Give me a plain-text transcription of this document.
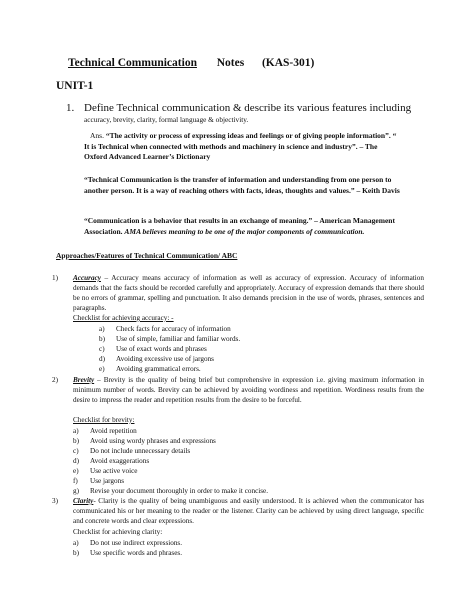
Technical Communication Notes (KAS-301)
UNIT-1
1. Define Technical communication & describe its various features including
accuracy, brevity, clarity, formal language & objectivity.
Ans. “The activity or process of expressing ideas and feelings or of giving people information”. “ It is Technical when connected with methods and machinery in science and industry”. – The Oxford Advanced Learner’s Dictionary
“Technical Communication is the transfer of information and understanding from one person to another person. It is a way of reaching others with facts, ideas, thoughts and values.” – Keith Davis
“Communication is a behavior that results in an exchange of meaning.” – American Management Association. AMA believes meaning to be one of the major components of communication.
Approaches/Features of Technical Communication/ ABC
1) Accuracy – Accuracy means accuracy of information as well as accuracy of expression. Accuracy of information demands that the facts should be recorded carefully and appropriately. Accuracy of expression demands that there should be no errors of grammar, spelling and punctuation. It also demands precision in the use of words, phrases, sentences and paragraphs.
Checklist for achieving accuracy: -
a) Check facts for accuracy of information
b) Use of simple, familiar and familiar words.
c) Use of exact words and phrases
d) Avoiding excessive use of jargons
e) Avoiding grammatical errors.
2) Brevity – Brevity is the quality of being brief but comprehensive in expression i.e. giving maximum information in minimum number of words. Brevity can be achieved by avoiding wordiness and repetition. Wordiness results from the desire to impress the reader and repetition results from the desire to be forceful.
Checklist for brevity:
a) Avoid repetition
b) Avoid using wordy phrases and expressions
c) Do not include unnecessary details
d) Avoid exaggerations
e) Use active voice
f) Use jargons
g) Revise your document thoroughly in order to make it concise.
3) Clarity- Clarity is the quality of being unambiguous and easily understood. It is achieved when the communicator has communicated his or her meaning to the reader or the listener. Clarity can be achieved by using direct language, specific and concrete words and clear expressions.
Checklist for achieving clarity:
a) Do not use indirect expressions.
b) Use specific words and phrases.
